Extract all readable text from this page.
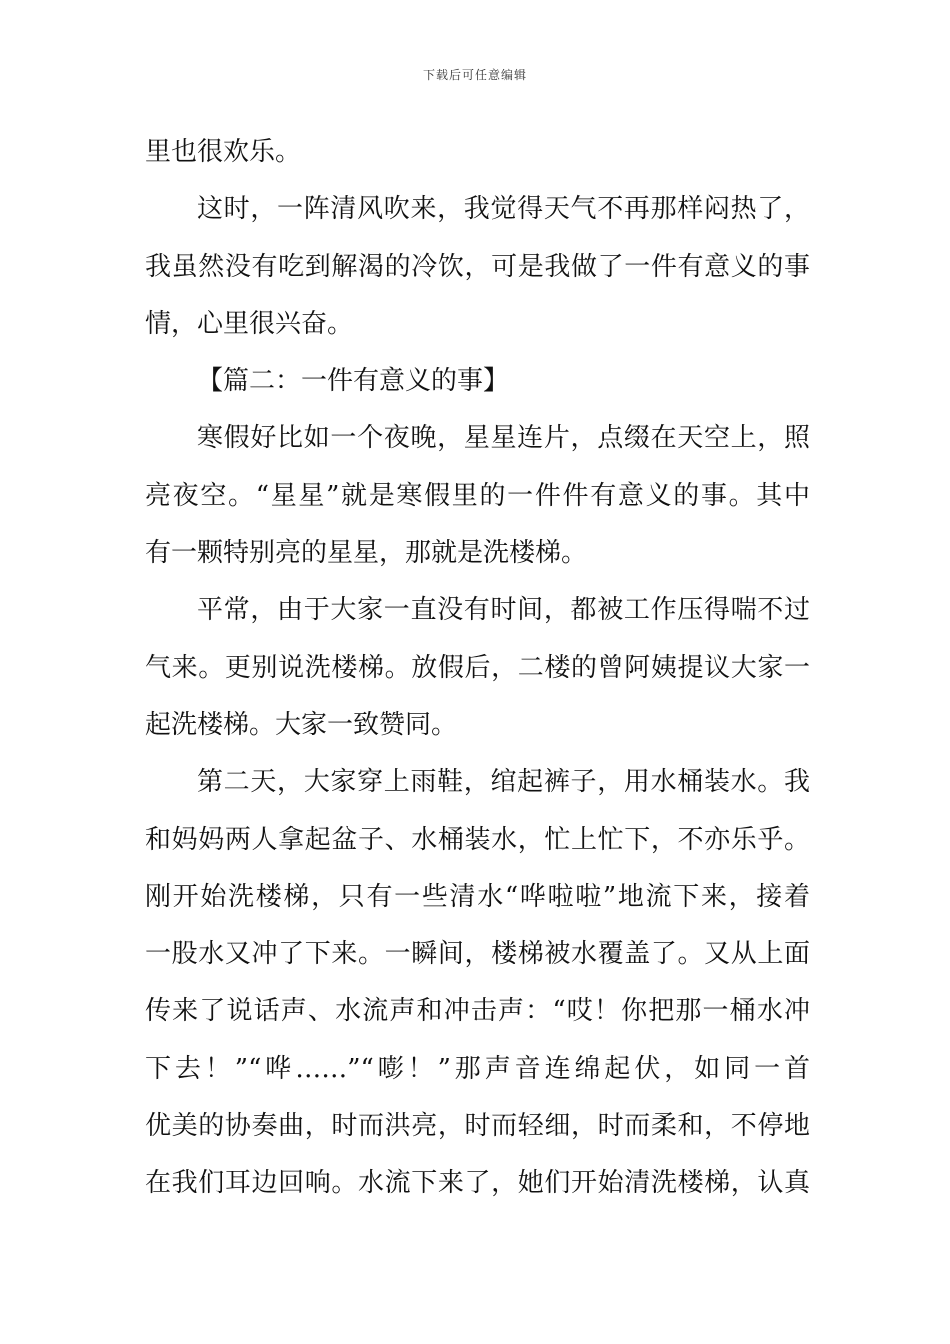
下载后可任意编辑
里也很欢乐。
这时，一阵清风吹来，我觉得天气不再那样闷热了，
我虽然没有吃到解渴的冷饮，可是我做了一件有意义的事
情，心里很兴奋。
【篇二：一件有意义的事】
寒假好比如一个夜晚，星星连片，点缀在天空上，照
亮夜空。“星星”就是寒假里的一件件有意义的事。其中
有一颗特别亮的星星，那就是洗楼梯。
平常，由于大家一直没有时间，都被工作压得喘不过
气来。更别说洗楼梯。放假后，二楼的曾阿姨提议大家一
起洗楼梯。大家一致赞同。
第二天，大家穿上雨鞋，绾起裤子，用水桶装水。我
和妈妈两人拿起盆子、水桶装水，忙上忙下，不亦乐乎。
刚开始洗楼梯，只有一些清水“哗啦啦”地流下来，接着
一股水又冲了下来。一瞬间，楼梯被水覆盖了。又从上面
传来了说话声、水流声和冲击声：“哎！你把那一桶水冲
下去！”“哗……”“嘭！”那声音连绵起伏，如同一首
优美的协奏曲，时而洪亮，时而轻细，时而柔和，不停地
在我们耳边回响。水流下来了，她们开始清洗楼梯，认真
